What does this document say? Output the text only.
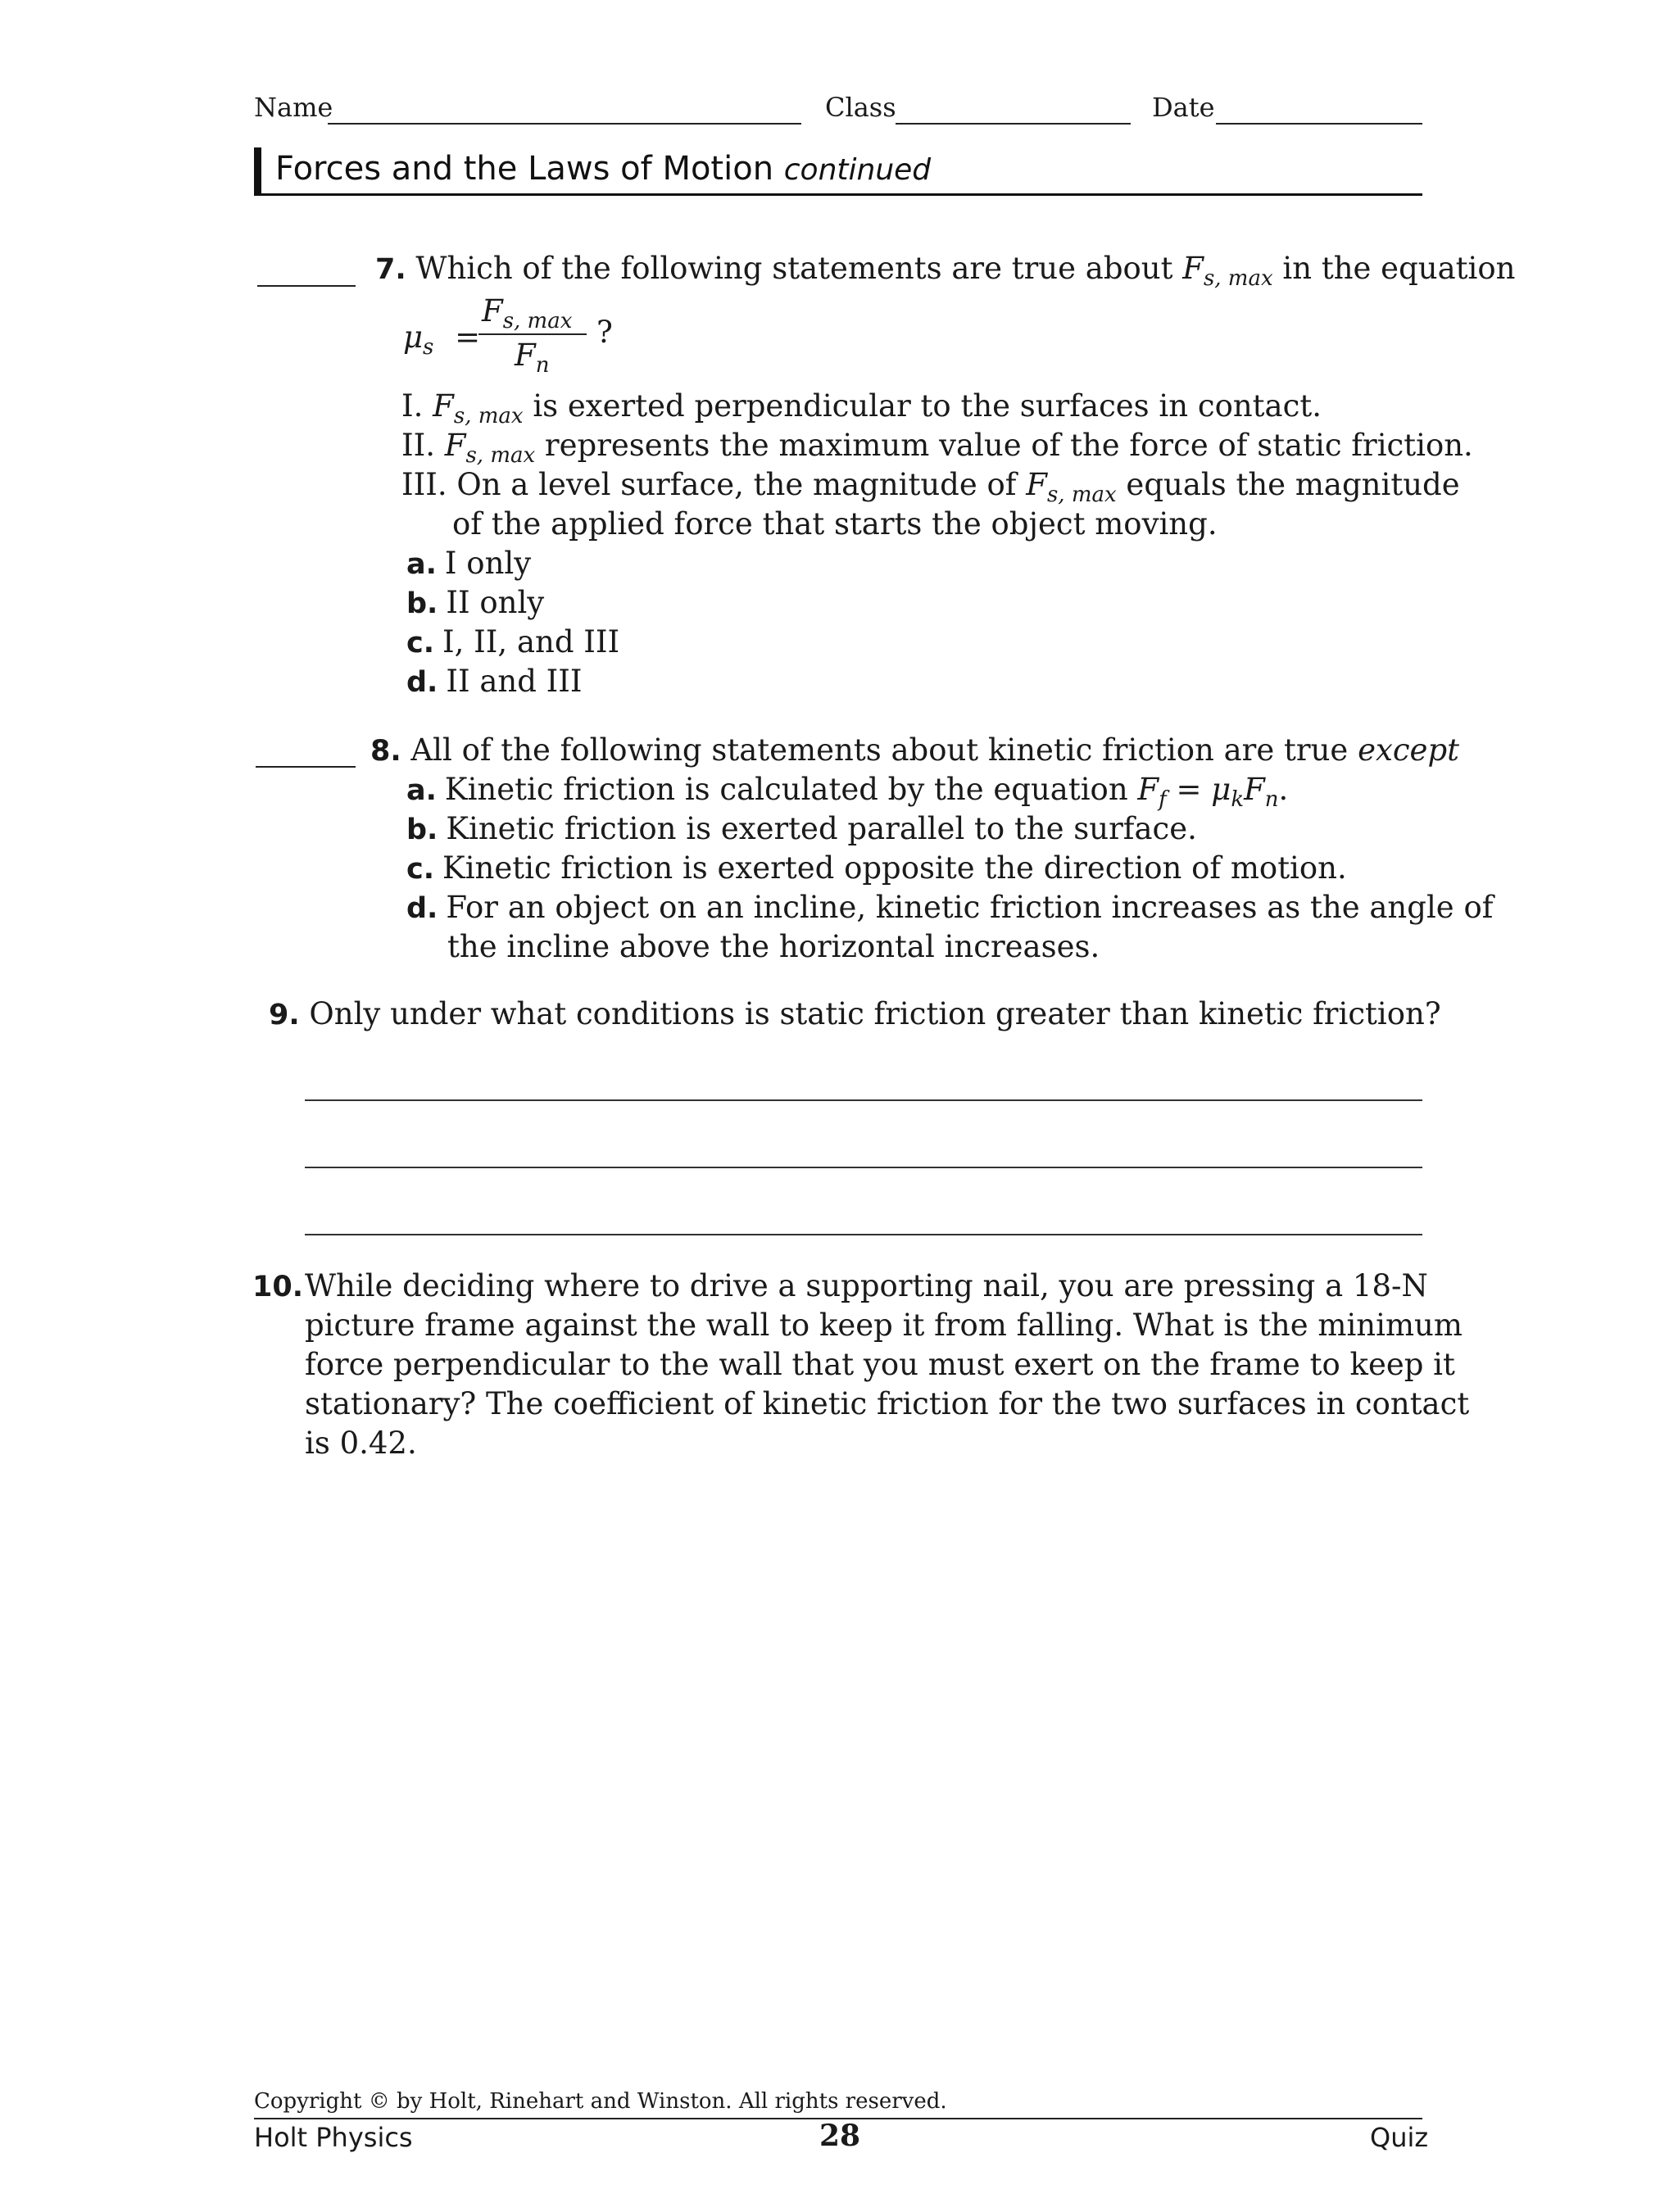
Name	Class	Date
Forces and the Laws of Motion continued
7. Which of the following statements are true about $F_{s, max}$ in the equation
$\mu_s$ =
$F_{s, max}$
$F_n$
?
I. $F_{s, max}$ is exerted perpendicular to the surfaces in contact.
II. $F_{s, max}$ represents the maximum value of the force of static friction.
III. On a level surface, the magnitude of $F_{s, max}$ equals the magnitude
of the applied force that starts the object moving.
a. I only
b. II only
c. I, II, and III
d. II and III
8. All of the following statements about kinetic friction are true except
a. Kinetic friction is calculated by the equation $F_f = \mu_kF_n$.
b. Kinetic friction is exerted parallel to the surface.
c. Kinetic friction is exerted opposite the direction of motion.
d. For an object on an incline, kinetic friction increases as the angle of
the incline above the horizontal increases.
9. Only under what conditions is static friction greater than kinetic friction?
10. While deciding where to drive a supporting nail, you are pressing a 18-N
picture frame against the wall to keep it from falling. What is the minimum
force perpendicular to the wall that you must exert on the frame to keep it
stationary? The coefficient of kinetic friction for the two surfaces in contact
is 0.42.
Copyright © by Holt, Rinehart and Winston. All rights reserved.
Holt Physics	28	Quiz
